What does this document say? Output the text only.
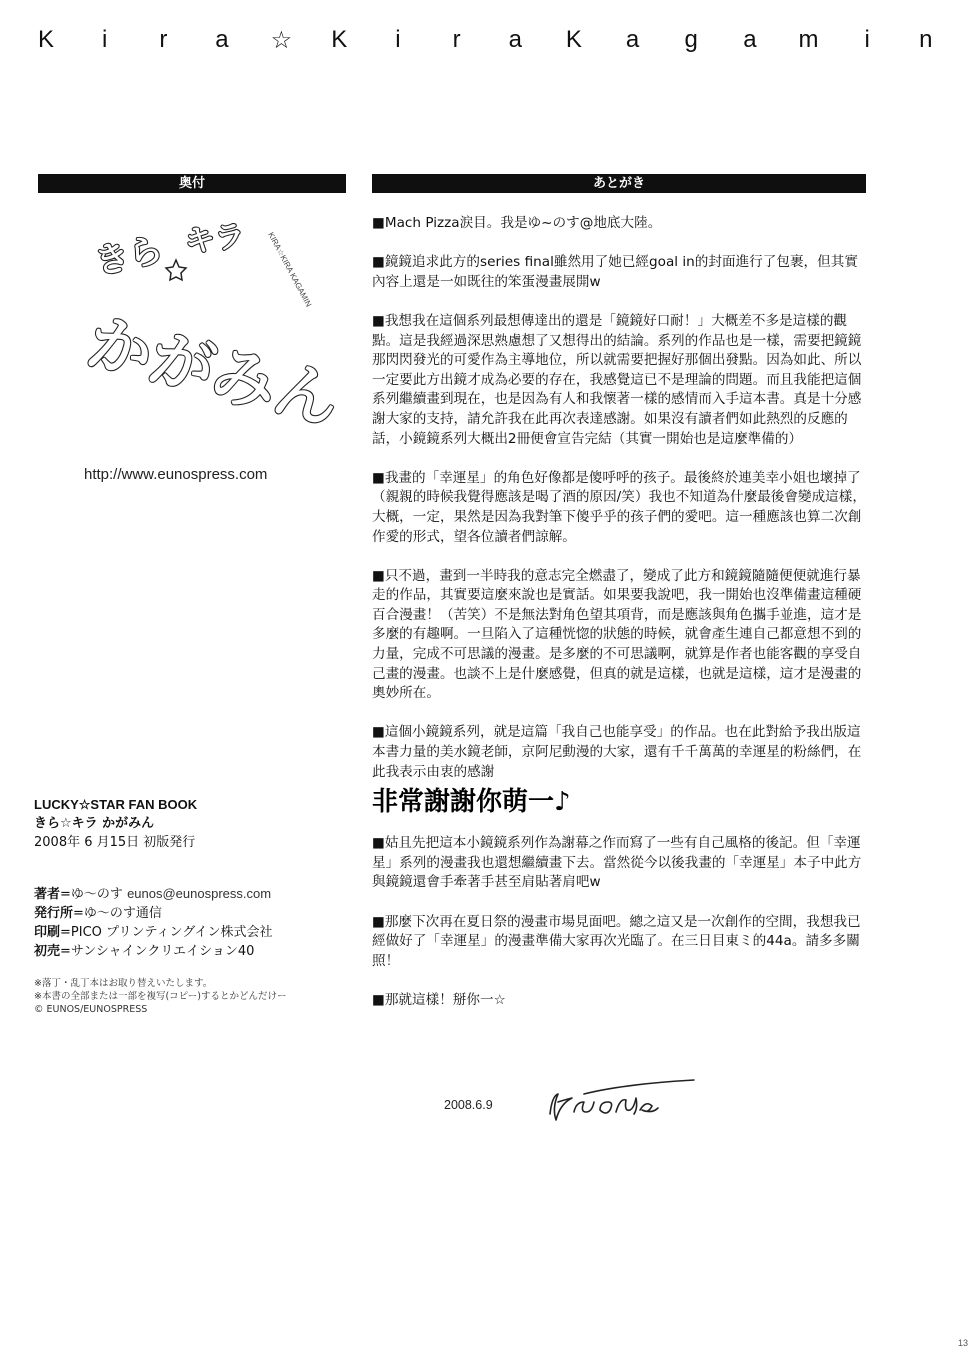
K	i	r a ☆ K	i	r a K a g a m	i	n
奥付	あとがき
きら キラ
かがみん
KIRA☆KIRA KAGAMIN
http://www.eunospress.com
LUCKY☆STAR FAN BOOK
きら☆キラ かがみん
2008年 6 月15日 初版発行
著者=ゆ〜のす eunos@eunospress.com
発行所=ゆ〜のす通信
印刷=PICO プリンティングイン株式会社
初売=サンシャインクリエイション40
※落丁・乱丁本はお取り替えいたします。
※本書の全部または一部を複写(コピー)するとかどんだけー
© EUNOS/EUNOSPRESS

■Mach Pizza涙目。我是ゆ~のす@地底大陸。

■鏡鏡追求此方的series final雖然用了她已經goal in的封面進行了包裹，但其實內容上還是一如既往的笨蛋漫畫展開w

■我想我在這個系列最想傳達出的還是「鏡鏡好口耐！」大概差不多是這樣的觀點。這是我經過深思熟慮想了又想得出的結論。系列的作品也是一樣，需要把鏡鏡那閃閃發光的可愛作為主導地位，所以就需要把握好那個出發點。因為如此、所以一定要此方出鏡才成為必要的存在，我感覺這已不是理論的問題。而且我能把這個系列繼續畫到現在，也是因為有人和我懷著一樣的感情而入手這本書。真是十分感謝大家的支持，請允許我在此再次表達感謝。如果沒有讀者們如此熱烈的反應的話，小鏡鏡系列大概出2冊便會宣告完結（其實一開始也是這麼準備的）

■我畫的「幸運星」的角色好像都是傻呼呼的孩子。最後終於連美幸小姐也壞掉了（親親的時候我覺得應該是喝了酒的原因/笑）我也不知道為什麼最後會變成這樣，大概，一定，果然是因為我對筆下傻乎乎的孩子們的愛吧。這一種應該也算二次創作愛的形式，望各位讀者們諒解。

■只不過，畫到一半時我的意志完全燃盡了，變成了此方和鏡鏡隨隨便便就進行暴走的作品，其實要這麼來說也是實話。如果要我說吧，我一開始也沒準備畫這種硬百合漫畫！（苦笑）不是無法對角色望其項背，而是應該與角色攜手並進，這才是多麼的有趣啊。一旦陷入了這種恍惚的狀態的時候，就會產生連自己都意想不到的力量，完成不可思議的漫畫。是多麼的不可思議啊，就算是作者也能客觀的享受自己畫的漫畫。也談不上是什麼感覺，但真的就是這樣，也就是這樣，這才是漫畫的奧妙所在。

■這個小鏡鏡系列，就是這篇「我自己也能享受」的作品。也在此對給予我出版這本書力量的美水鏡老師，京阿尼動漫的大家，還有千千萬萬的幸運星的粉絲們，在此我表示由衷的感謝

非常謝謝你萌一♪

■姑且先把這本小鏡鏡系列作為謝幕之作而寫了一些有自己風格的後記。但「幸運星」系列的漫畫我也還想繼續畫下去。當然從今以後我畫的「幸運星」本子中此方與鏡鏡還會手牽著手甚至肩貼著肩吧w

■那麼下次再在夏日祭的漫畫市場見面吧。總之這又是一次創作的空間，我想我已經做好了「幸運星」的漫畫準備大家再次光臨了。在三日目東ミ的44a。請多多關照！

■那就這樣！掰你一☆

2008.6.9
13
